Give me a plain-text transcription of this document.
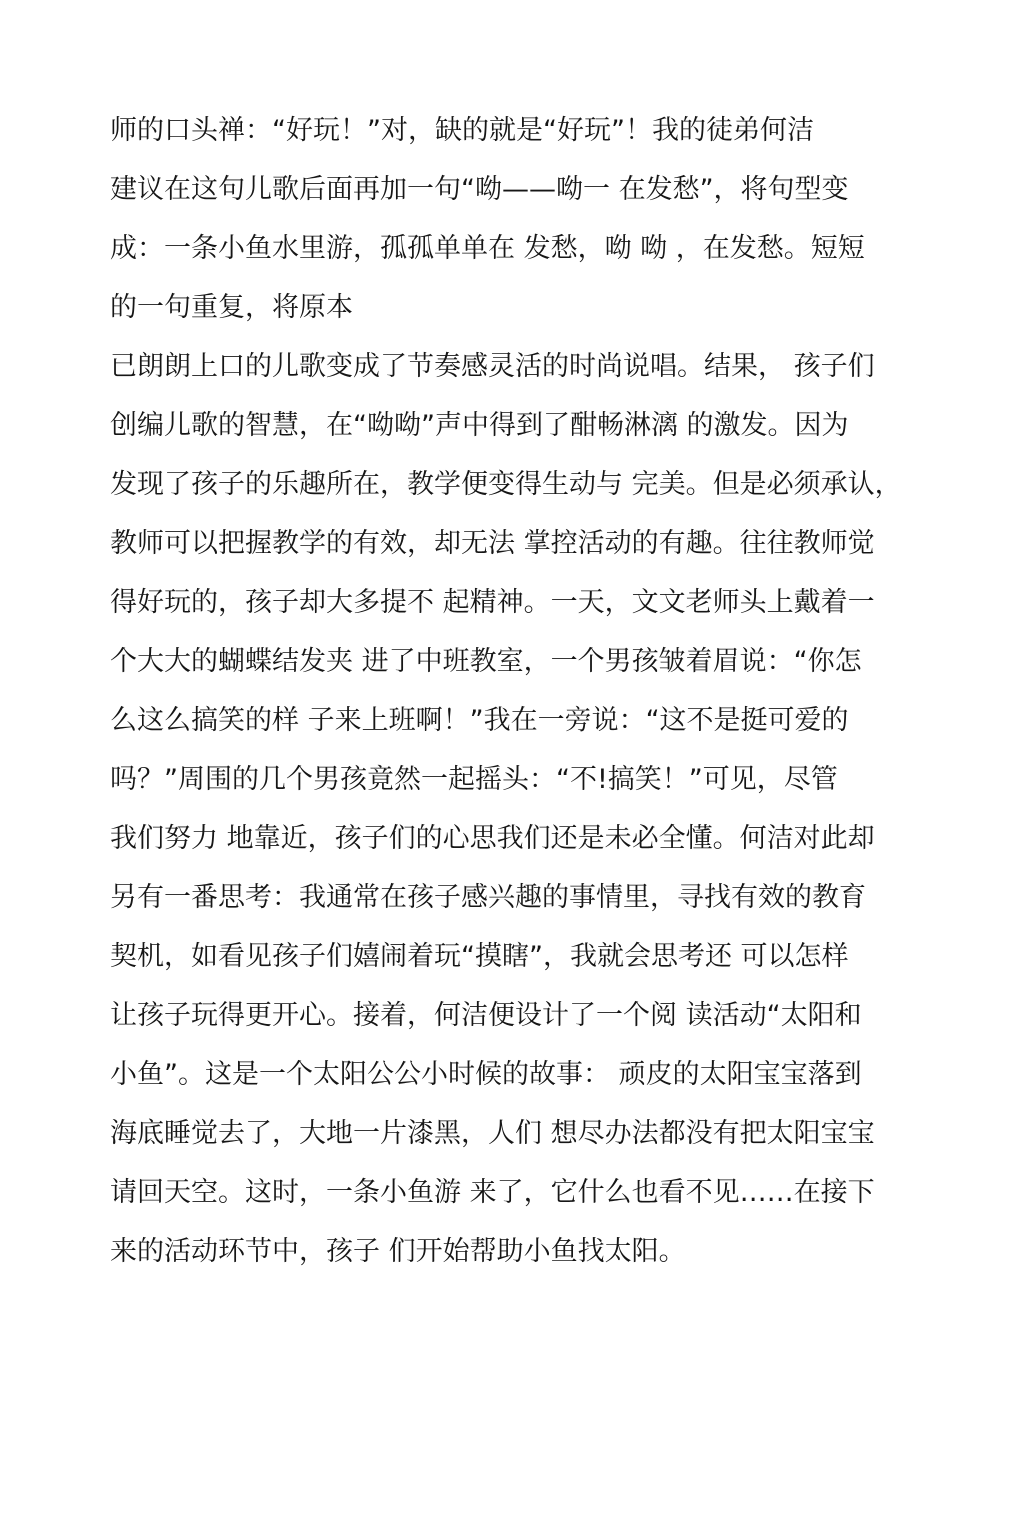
师的口头禅：“好玩！”对，缺的就是“好玩”！我的徒弟何洁
建议在这句儿歌后面再加一句“呦——呦一 在发愁”，将句型变
成：一条小鱼水里游，孤孤单单在 发愁，呦 呦 ，在发愁。短短
的一句重复，将原本
已朗朗上口的儿歌变成了节奏感灵活的时尚说唱。结果， 孩子们
创编儿歌的智慧，在“呦呦”声中得到了酣畅淋漓 的激发。因为
发现了孩子的乐趣所在，教学便变得生动与 完美。但是必须承认，
教师可以把握教学的有效，却无法 掌控活动的有趣。往往教师觉
得好玩的，孩子却大多提不 起精神。一天，文文老师头上戴着一
个大大的蝴蝶结发夹 进了中班教室，一个男孩皱着眉说：“你怎
么这么搞笑的样 子来上班啊！”我在一旁说：“这不是挺可爱的
吗？”周围的几个男孩竟然一起摇头：“不!搞笑！”可见，尽管
我们努力 地靠近，孩子们的心思我们还是未必全懂。何洁对此却
另有一番思考：我通常在孩子感兴趣的事情里，寻找有效的教育
契机，如看见孩子们嬉闹着玩“摸瞎”，我就会思考还 可以怎样
让孩子玩得更开心。接着，何洁便设计了一个阅 读活动“太阳和
小鱼”。这是一个太阳公公小时候的故事： 顽皮的太阳宝宝落到
海底睡觉去了，大地一片漆黑，人们 想尽办法都没有把太阳宝宝
请回天空。这时，一条小鱼游 来了，它什么也看不见……在接下
来的活动环节中，孩子 们开始帮助小鱼找太阳。
